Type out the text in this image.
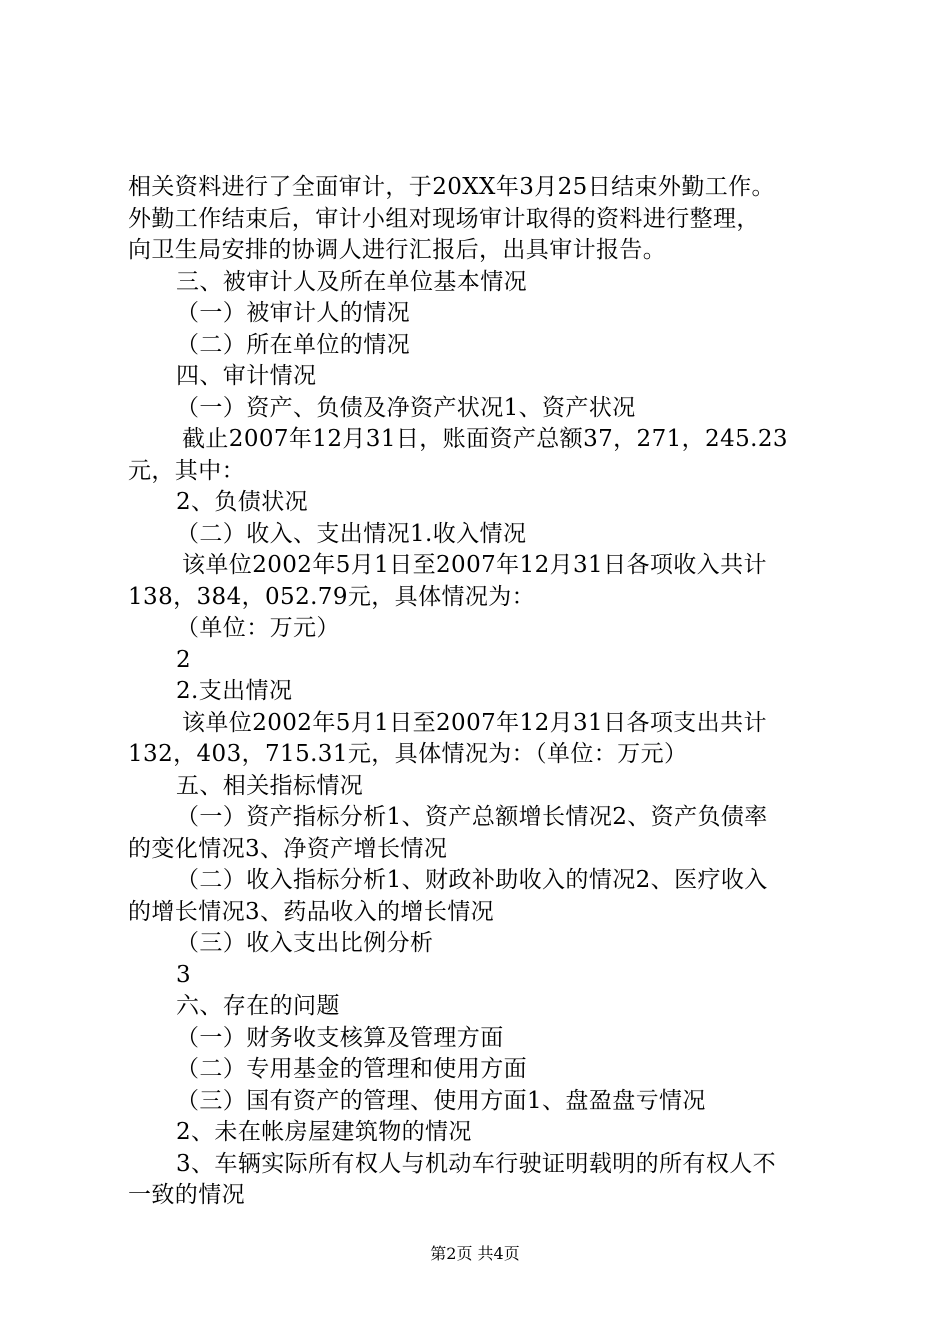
相关资料进行了全面审计，于20XX年3月25日结束外勤工作。
外勤工作结束后，审计小组对现场审计取得的资料进行整理，
向卫生局安排的协调人进行汇报后，出具审计报告。
三、被审计人及所在单位基本情况
（一）被审计人的情况
（二）所在单位的情况
四、审计情况
（一）资产、负债及净资产状况1、资产状况
截止2007年12月31日，账面资产总额37，271，245.23
元，其中：
2、负债状况
（二）收入、支出情况1.收入情况
该单位2002年5月1日至2007年12月31日各项收入共计
138，384，052.79元，具体情况为：
（单位：万元）
2
2.支出情况
该单位2002年5月1日至2007年12月31日各项支出共计
132，403，715.31元，具体情况为：（单位：万元）
五、相关指标情况
（一）资产指标分析1、资产总额增长情况2、资产负债率
的变化情况3、净资产增长情况
（二）收入指标分析1、财政补助收入的情况2、医疗收入
的增长情况3、药品收入的增长情况
（三）收入支出比例分析
3
六、存在的问题
（一）财务收支核算及管理方面
（二）专用基金的管理和使用方面
（三）国有资产的管理、使用方面1、盘盈盘亏情况
2、未在帐房屋建筑物的情况
3、车辆实际所有权人与机动车行驶证明载明的所有权人不
一致的情况
第2页 共4页
